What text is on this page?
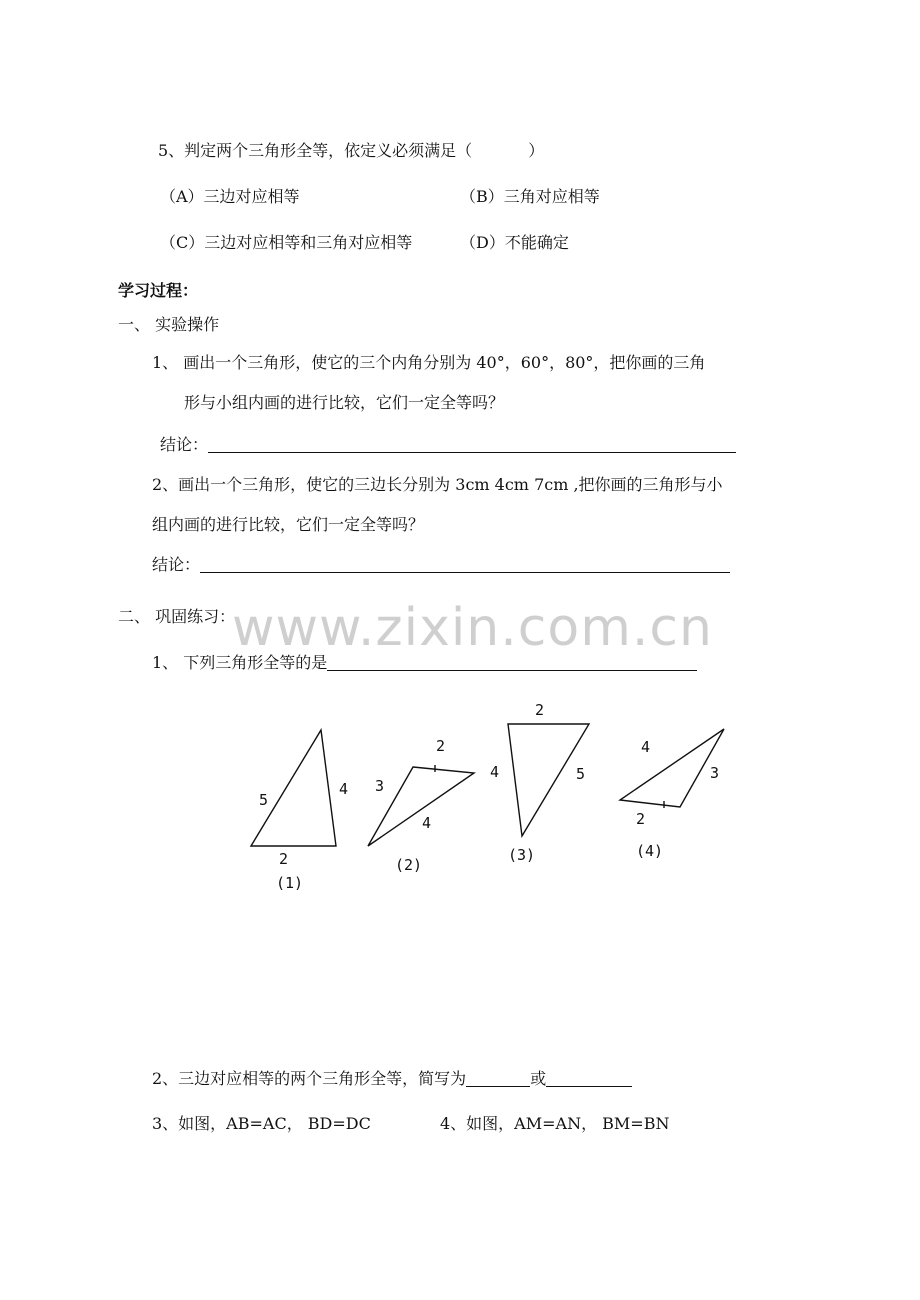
5、判定两个三角形全等，依定义必须满足（	）
（A）三边对应相等	（B）三角对应相等
（C）三边对应相等和三角对应相等	（D）不能确定
学习过程：
一、 实验操作
1、 画出一个三角形，使它的三个内角分别为 40°，60°，80°，把你画的三角
形与小组内画的进行比较，它们一定全等吗？
结论：
2、画出一个三角形，使它的三边长分别为 3cm 4cm 7cm ,把你画的三角形与小
组内画的进行比较，它们一定全等吗？
结论：
二、 巩固练习：
1、 下列三角形全等的是
5
4
2
(1)
2
3
4
(2)
2
4	5
(3)
4
3
2
(4)
2、三边对应相等的两个三角形全等，简写为	或
3、如图，AB=AC， BD=DC	4、如图，AM=AN， BM=BN
www.zixin.com.cn
